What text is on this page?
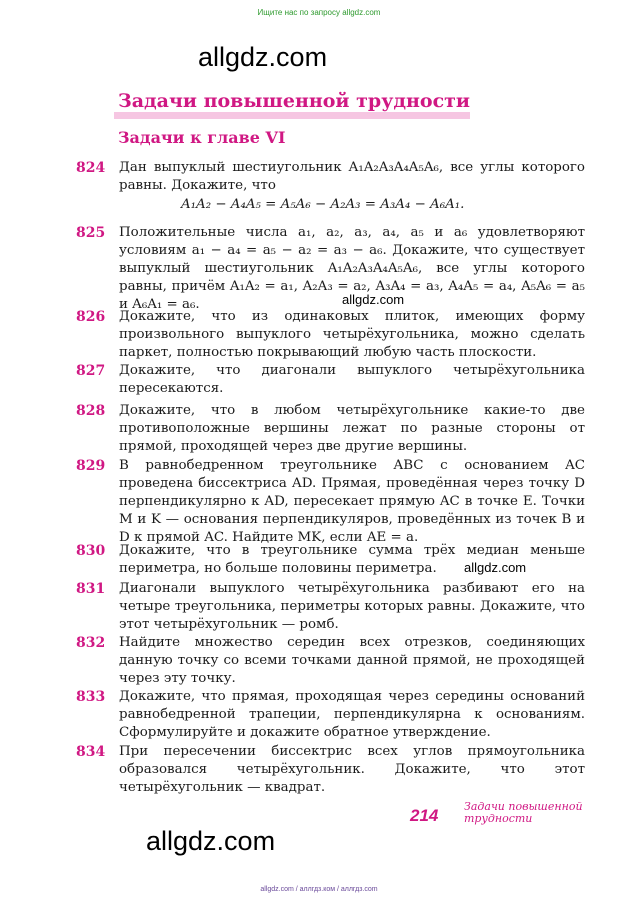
Ищите нас по запросу allgdz.com
allgdz.com
Задачи повышенной трудности
Задачи к главе VI
824	Дан выпуклый шестиугольник A₁A₂A₃A₄A₅A₆, все углы которого равны. Докажите, что
A₁A₂ − A₄A₅ = A₅A₆ − A₂A₃ = A₃A₄ − A₆A₁.
825	Положительные числа a₁, a₂, a₃, a₄, a₅ и a₆ удовлетворяют условиям a₁ − a₄ = a₅ − a₂ = a₃ − a₆. Докажите, что существует выпуклый шестиугольник A₁A₂A₃A₄A₅A₆, все углы которого равны, причём A₁A₂ = a₁, A₂A₃ = a₂, A₃A₄ = a₃, A₄A₅ = a₄, A₅A₆ = a₅ и A₆A₁ = a₆.	allgdz.com
826	Докажите, что из одинаковых плиток, имеющих форму произвольного выпуклого четырёхугольника, можно сделать паркет, полностью покрывающий любую часть плоскости.
827	Докажите, что диагонали выпуклого четырёхугольника пересекаются.
828	Докажите, что в любом четырёхугольнике какие-то две противоположные вершины лежат по разные стороны от прямой, проходящей через две другие вершины.
829	В равнобедренном треугольнике ABC с основанием AC проведена биссектриса AD. Прямая, проведённая через точку D перпендикулярно к AD, пересекает прямую AC в точке E. Точки M и K — основания перпендикуляров, проведённых из точек B и D к прямой AC. Найдите MK, если AE = a.
830	Докажите, что в треугольнике сумма трёх медиан меньше периметра, но больше половины периметра.	allgdz.com
831	Диагонали выпуклого четырёхугольника разбивают его на четыре треугольника, периметры которых равны. Докажите, что этот четырёхугольник — ромб.
832	Найдите множество середин всех отрезков, соединяющих данную точку со всеми точками данной прямой, не проходящей через эту точку.
833	Докажите, что прямая, проходящая через середины оснований равнобедренной трапеции, перпендикулярна к основаниям. Сформулируйте и докажите обратное утверждение.
834	При пересечении биссектрис всех углов прямоугольника образовался четырёхугольник. Докажите, что этот четырёхугольник — квадрат.
214 Задачи повышенной трудности
allgdz.com
allgdz.com / аллгдз.ком / аллгдз.com
